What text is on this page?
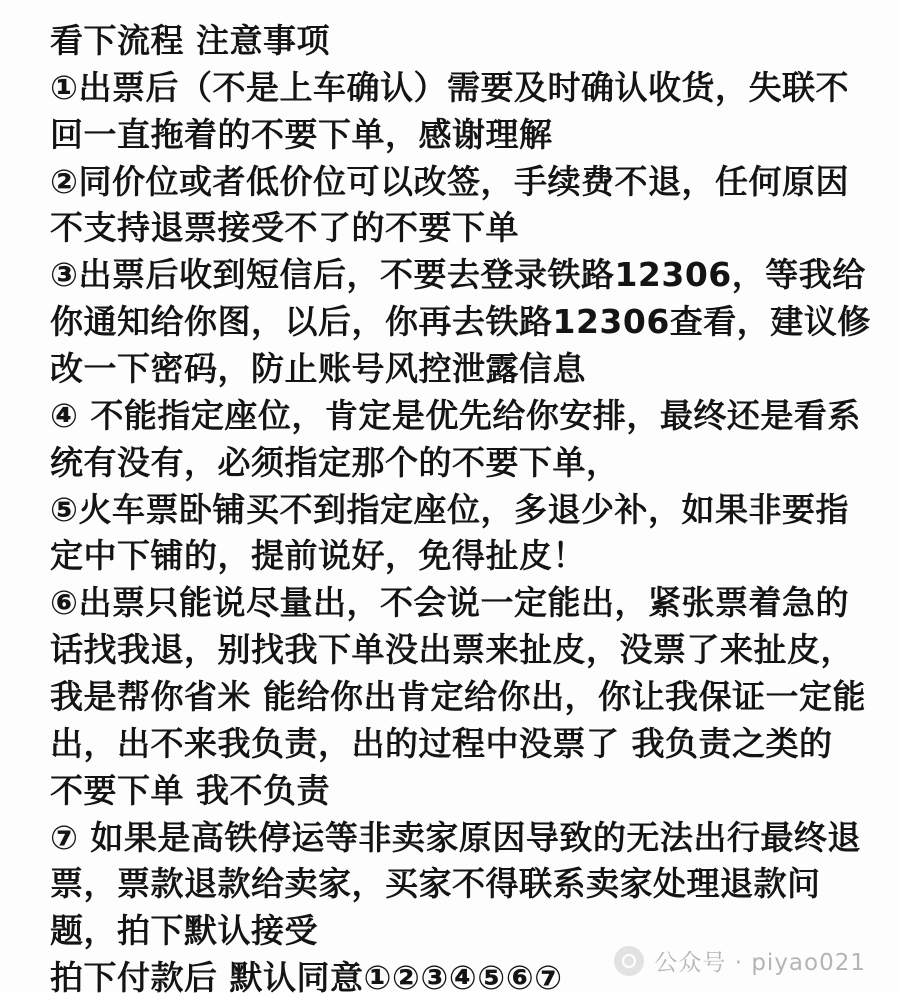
看下流程 注意事项
①出票后（不是上车确认）需要及时确认收货，失联不回一直拖着的不要下单，感谢理解
②同价位或者低价位可以改签，手续费不退，任何原因不支持退票接受不了的不要下单
③出票后收到短信后，不要去登录铁路12306，等我给你通知给你图，以后，你再去铁路12306查看，建议修改一下密码，防止账号风控泄露信息
④ 不能指定座位，肯定是优先给你安排，最终还是看系统有没有，必须指定那个的不要下单，
⑤火车票卧铺买不到指定座位，多退少补，如果非要指定中下铺的，提前说好，免得扯皮！
⑥出票只能说尽量出，不会说一定能出，紧张票着急的话找我退，别找我下单没出票来扯皮，没票了来扯皮，我是帮你省米 能给你出肯定给你出，你让我保证一定能出，出不来我负责，出的过程中没票了 我负责之类的 不要下单 我不负责
⑦ 如果是高铁停运等非卖家原因导致的无法出行最终退票，票款退款给卖家，买家不得联系卖家处理退款问题，拍下默认接受
拍下付款后 默认同意①②③④⑤⑥⑦	公众号 · piyao021
